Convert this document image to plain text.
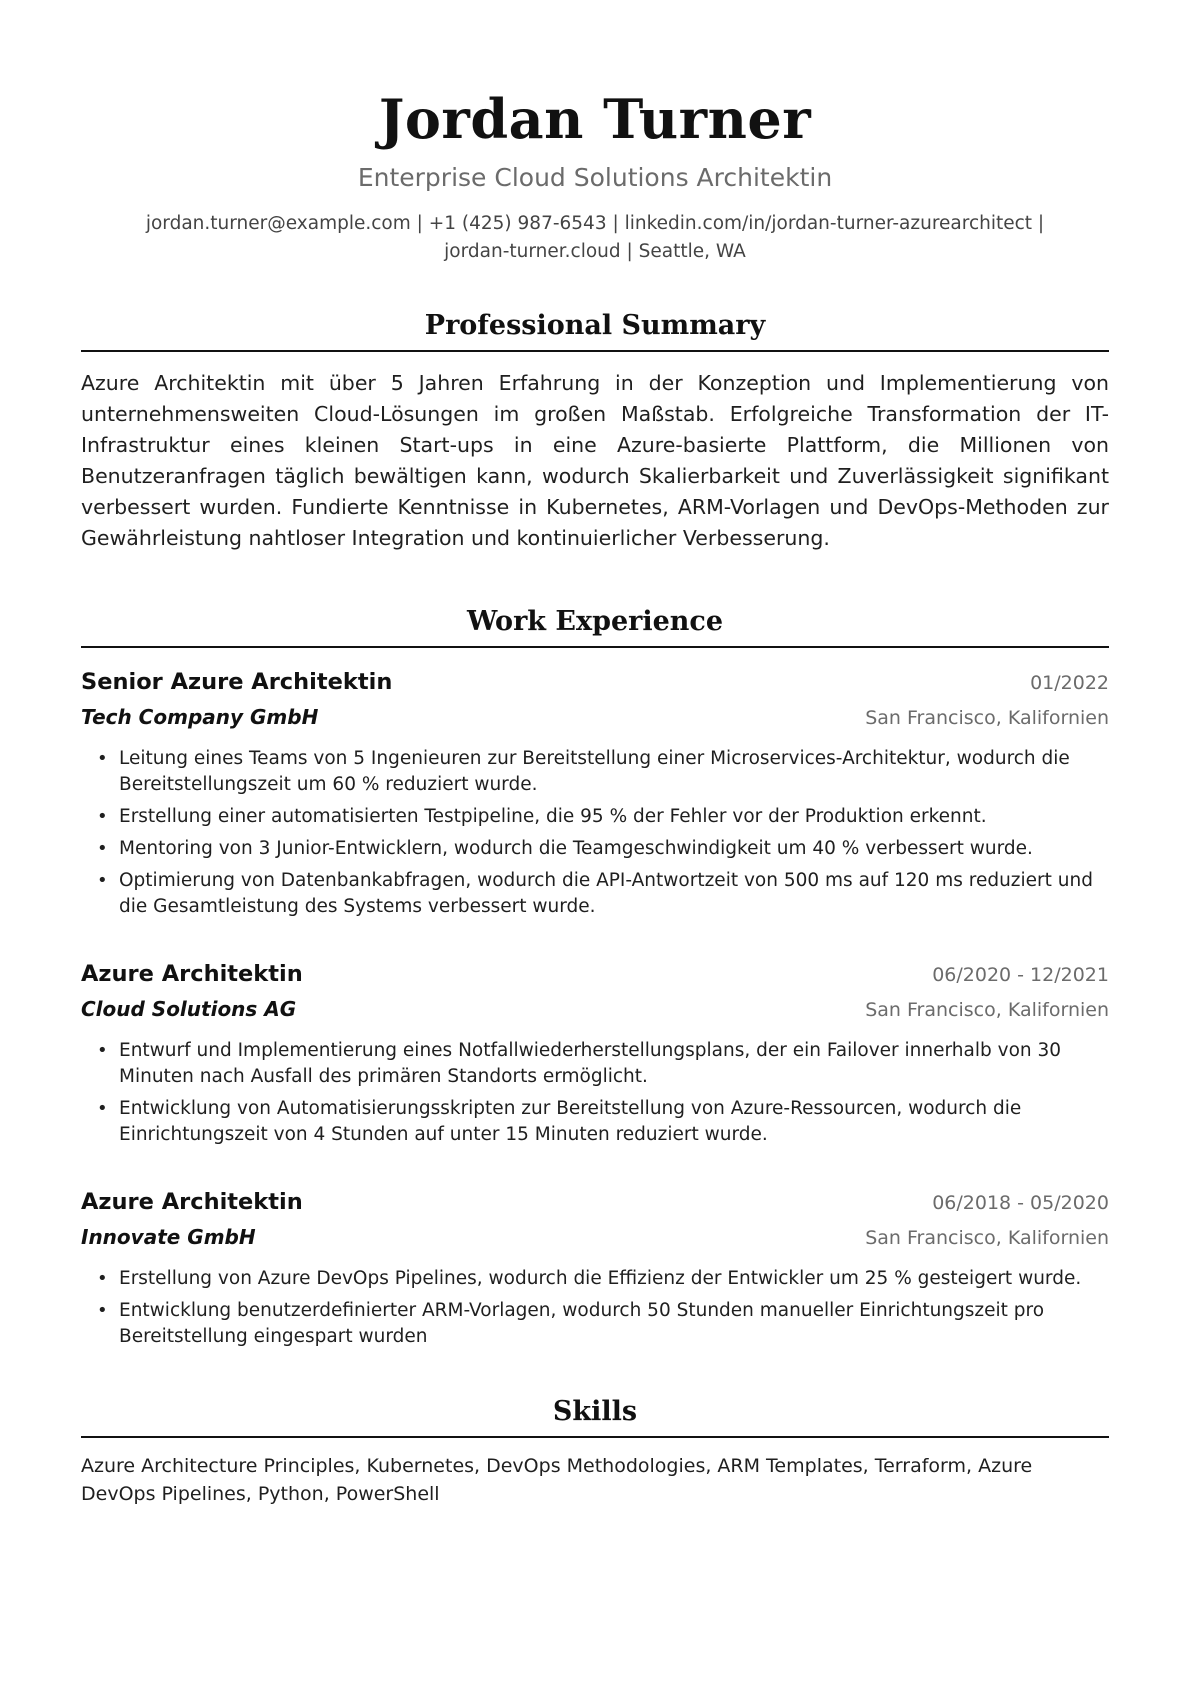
Jordan Turner
Enterprise Cloud Solutions Architektin
jordan.turner@example.com | +1 (425) 987-6543 | linkedin.com/in/jordan-turner-azurearchitect | jordan-turner.cloud | Seattle, WA
Professional Summary

Azure Architektin mit über 5 Jahren Erfahrung in der Konzeption und Implementierung von unternehmensweiten Cloud-Lösungen im großen Maßstab. Erfolgreiche Transformation der IT-Infrastruktur eines kleinen Start-ups in eine Azure-basierte Plattform, die Millionen von Benutzeranfragen täglich bewältigen kann, wodurch Skalierbarkeit und Zuverlässigkeit signifikant verbessert wurden. Fundierte Kenntnisse in Kubernetes, ARM-Vorlagen und DevOps-Methoden zur Gewährleistung nahtloser Integration und kontinuierlicher Verbesserung.

Work Experience
Senior Azure Architektin	01/2022
Tech Company GmbH	San Francisco, Kalifornien
• Leitung eines Teams von 5 Ingenieuren zur Bereitstellung einer Microservices-Architektur, wodurch die Bereitstellungszeit um 60 % reduziert wurde.
• Erstellung einer automatisierten Testpipeline, die 95 % der Fehler vor der Produktion erkennt.
• Mentoring von 3 Junior-Entwicklern, wodurch die Teamgeschwindigkeit um 40 % verbessert wurde.
• Optimierung von Datenbankabfragen, wodurch die API-Antwortzeit von 500 ms auf 120 ms reduziert und die Gesamtleistung des Systems verbessert wurde.
Azure Architektin	06/2020 - 12/2021
Cloud Solutions AG	San Francisco, Kalifornien
• Entwurf und Implementierung eines Notfallwiederherstellungsplans, der ein Failover innerhalb von 30 Minuten nach Ausfall des primären Standorts ermöglicht.
• Entwicklung von Automatisierungsskripten zur Bereitstellung von Azure-Ressourcen, wodurch die Einrichtungszeit von 4 Stunden auf unter 15 Minuten reduziert wurde.
Azure Architektin	06/2018 - 05/2020
Innovate GmbH	San Francisco, Kalifornien
• Erstellung von Azure DevOps Pipelines, wodurch die Effizienz der Entwickler um 25 % gesteigert wurde.
• Entwicklung benutzerdefinierter ARM-Vorlagen, wodurch 50 Stunden manueller Einrichtungszeit pro Bereitstellung eingespart wurden
Skills

Azure Architecture Principles, Kubernetes, DevOps Methodologies, ARM Templates, Terraform, Azure DevOps Pipelines, Python, PowerShell
